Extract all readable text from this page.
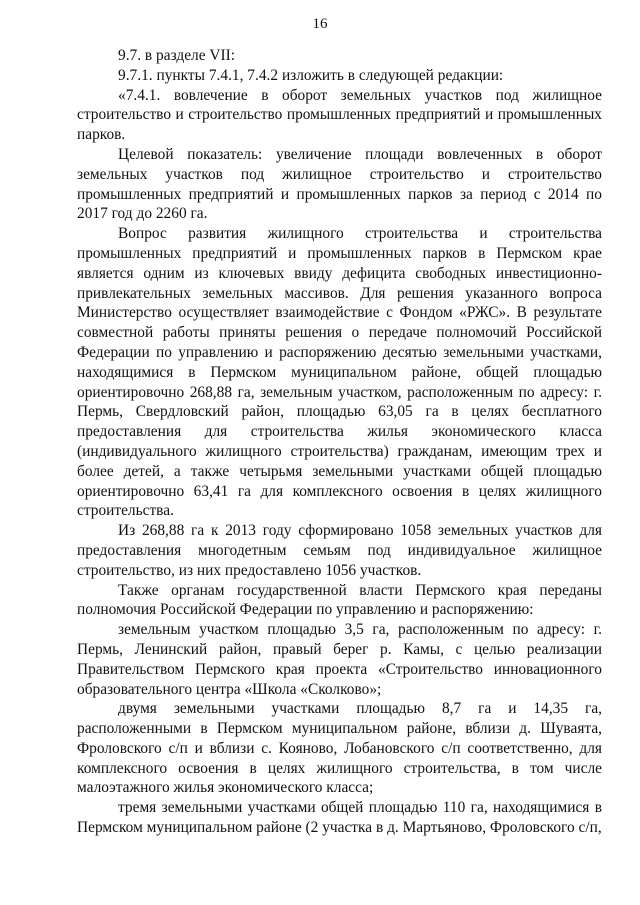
16

9.7. в разделе VII:

9.7.1. пункты 7.4.1, 7.4.2 изложить в следующей редакции:

«7.4.1. вовлечение в оборот земельных участков под жилищное строительство и строительство промышленных предприятий и промышленных парков.

Целевой показатель: увеличение площади вовлеченных в оборот земельных участков под жилищное строительство и строительство промышленных предприятий и промышленных парков за период с 2014 по 2017 год до 2260 га.

Вопрос развития жилищного строительства и строительства промышленных предприятий и промышленных парков в Пермском крае является одним из ключевых ввиду дефицита свободных инвестиционно-привлекательных земельных массивов. Для решения указанного вопроса Министерство осуществляет взаимодействие с Фондом «РЖС». В результате совместной работы приняты решения о передаче полномочий Российской Федерации по управлению и распоряжению десятью земельными участками, находящимися в Пермском муниципальном районе, общей площадью ориентировочно 268,88 га, земельным участком, расположенным по адресу: г. Пермь, Свердловский район, площадью 63,05 га в целях бесплатного предоставления для строительства жилья экономического класса (индивидуального жилищного строительства) гражданам, имеющим трех и более детей, а также четырьмя земельными участками общей площадью ориентировочно 63,41 га для комплексного освоения в целях жилищного строительства.

Из 268,88 га к 2013 году сформировано 1058 земельных участков для предоставления многодетным семьям под индивидуальное жилищное строительство, из них предоставлено 1056 участков.

Также органам государственной власти Пермского края переданы полномочия Российской Федерации по управлению и распоряжению:

земельным участком площадью 3,5 га, расположенным по адресу: г. Пермь, Ленинский район, правый берег р. Камы, с целью реализации Правительством Пермского края проекта «Строительство инновационного образовательного центра «Школа «Сколково»;

двумя земельными участками площадью 8,7 га и 14,35 га, расположенными в Пермском муниципальном районе, вблизи д. Шуваята, Фроловского с/п и вблизи с. Кояново, Лобановского с/п соответственно, для комплексного освоения в целях жилищного строительства, в том числе малоэтажного жилья экономического класса;

тремя земельными участками общей площадью 110 га, находящимися в Пермском муниципальном районе (2 участка в д. Мартьяново, Фроловского с/п,
